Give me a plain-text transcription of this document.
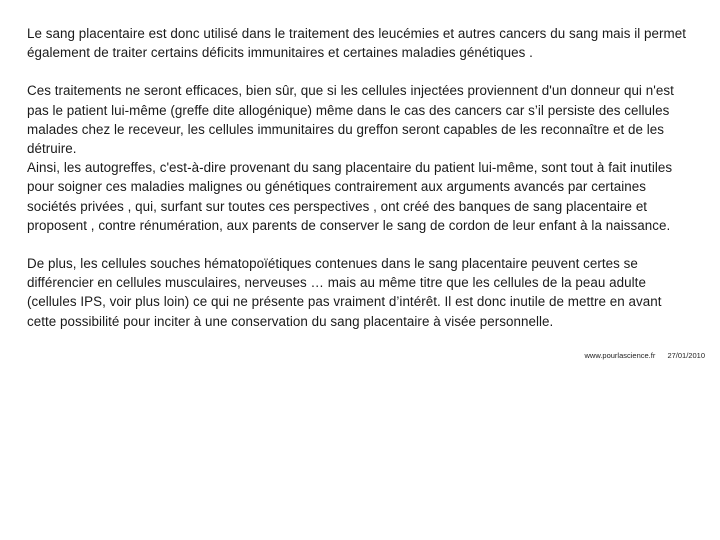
Le sang placentaire est donc utilisé dans le traitement des leucémies et autres cancers du sang mais il permet également de traiter certains déficits immunitaires et certaines maladies génétiques .

Ces traitements ne seront efficaces, bien sûr, que si les cellules injectées proviennent d'un donneur qui n'est pas le patient lui-même (greffe dite allogénique) même dans le cas des cancers car s’il persiste des cellules malades chez le receveur, les cellules immunitaires du greffon seront capables de les reconnaître et de les détruire.

Ainsi, les autogreffes, c'est-à-dire provenant du sang placentaire du patient lui-même, sont tout à fait inutiles pour soigner ces maladies malignes ou génétiques contrairement aux arguments avancés par certaines sociétés privées , qui, surfant sur toutes ces perspectives , ont créé des banques de sang placentaire et proposent , contre rénumération, aux parents de conserver le sang de cordon de leur enfant à la naissance.

De plus, les cellules souches hématopoïétiques contenues dans le sang placentaire peuvent certes se différencier en cellules musculaires, nerveuses … mais au même titre que les cellules de la peau adulte (cellules IPS, voir plus loin) ce qui ne présente pas vraiment d’intérêt. Il est donc inutile de mettre en avant cette possibilité pour inciter à une conservation du sang placentaire à visée personnelle.

www.pourlascience.fr 27/01/2010
